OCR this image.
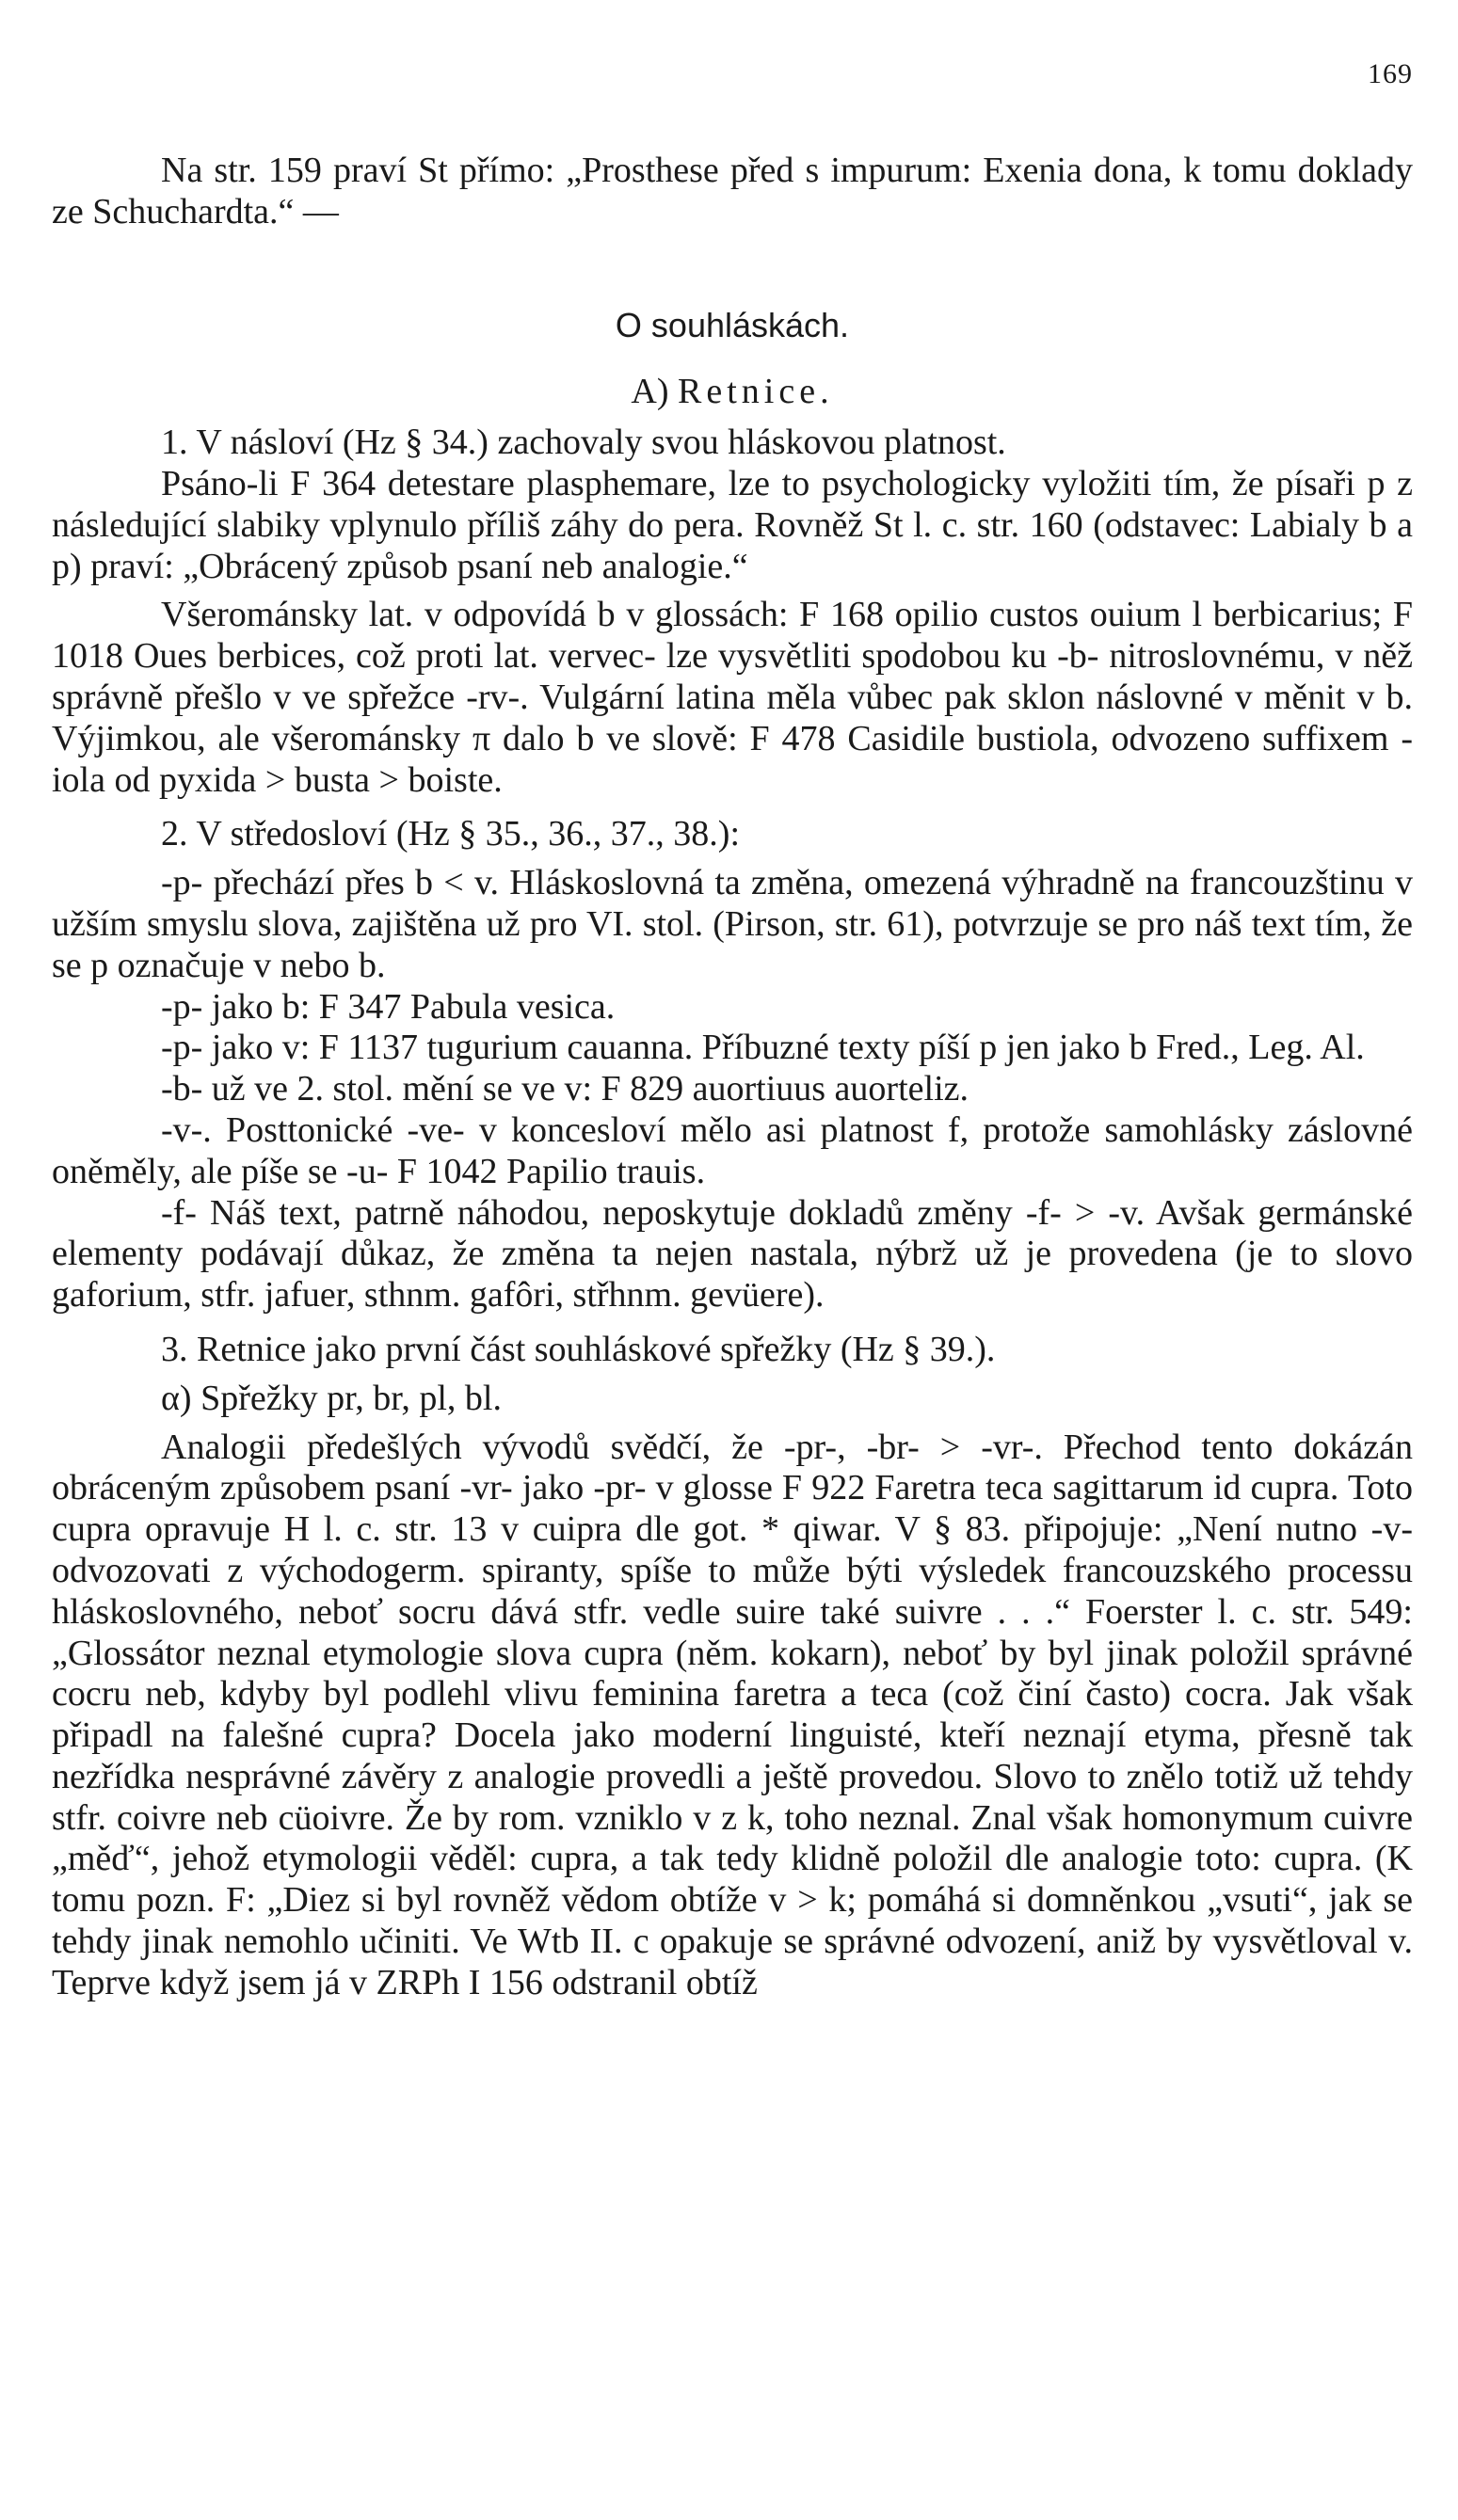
169

Na str. 159 praví St přímo: „Prosthese před s impurum: Exenia dona, k tomu doklady ze Schuchardta.“ —

O souhláskách.

A) Retnice.

1. V násloví (Hz § 34.) zachovaly svou hláskovou platnost.

Psáno-li F 364 detestare plasphemare, lze to psychologicky vyložiti tím, že písaři p z následující slabiky vplynulo příliš záhy do pera. Rovněž St l. c. str. 160 (odstavec: Labialy b a p) praví: „Obrácený způsob psaní neb analogie.“

Všerománsky lat. v odpovídá b v glossách: F 168 opilio custos ouium l berbicarius; F 1018 Oues berbices, což proti lat. vervec- lze vysvětliti spodobou ku -b- nitroslovnému, v něž správně přešlo v ve spřežce -rv-. Vulgární latina měla vůbec pak sklon náslovné v měnit v b. Výjimkou, ale všerománsky π dalo b ve slově: F 478 Casidile bustiola, odvozeno suffixem -iola od pyxida > busta > boiste.

2. V středosloví (Hz § 35., 36., 37., 38.):

-p- přechází přes b < v. Hláskoslovná ta změna, omezená výhradně na francouzštinu v užším smyslu slova, zajištěna už pro VI. stol. (Pirson, str. 61), potvrzuje se pro náš text tím, že se p označuje v nebo b.

-p- jako b: F 347 Pabula vesica.

-p- jako v: F 1137 tugurium cauanna. Příbuzné texty píší p jen jako b Fred., Leg. Al.

-b- už ve 2. stol. mění se ve v: F 829 auortiuus auorteliz.

-v-. Posttonické -ve- v koncesloví mělo asi platnost f, protože samohlásky záslovné oněměly, ale píše se -u- F 1042 Papilio trauis.

-f- Náš text, patrně náhodou, neposkytuje dokladů změny -f- > -v. Avšak germánské elementy podávají důkaz, že změna ta nejen nastala, nýbrž už je provedena (je to slovo gaforium, stfr. jafuer, sthnm. gafôri, střhnm. gevüere).

3. Retnice jako první část souhláskové spřežky (Hz § 39.).

α) Spřežky pr, br, pl, bl.

Analogii předešlých vývodů svědčí, že -pr-, -br- > -vr-. Přechod tento dokázán obráceným způsobem psaní -vr- jako -pr- v glosse F 922 Faretra teca sagittarum id cupra. Toto cupra opravuje H l. c. str. 13 v cuipra dle got. * qiwar. V § 83. připojuje: „Není nutno -v- odvozovati z východogerm. spiranty, spíše to může býti výsledek francouzského processu hláskoslovného, neboť socru dává stfr. vedle suire také suivre . . .“ Foerster l. c. str. 549: „Glossátor neznal etymologie slova cupra (něm. kokarn), neboť by byl jinak položil správné cocru neb, kdyby byl podlehl vlivu feminina faretra a teca (což činí často) cocra. Jak však připadl na falešné cupra? Docela jako moderní linguisté, kteří neznají etyma, přesně tak nezřídka nesprávné závěry z analogie provedli a ještě provedou. Slovo to znělo totiž už tehdy stfr. coivre neb cüoivre. Že by rom. vzniklo v z k, toho neznal. Znal však homonymum cuivre „měď“, jehož etymologii věděl: cupra, a tak tedy klidně položil dle analogie toto: cupra. (K tomu pozn. F: „Diez si byl rovněž vědom obtíže v > k; pomáhá si domněnkou „vsuti“, jak se tehdy jinak nemohlo učiniti. Ve Wtb II. c opakuje se správné odvození, aniž by vysvětloval v. Teprve když jsem já v ZRPh I 156 odstranil obtíž
